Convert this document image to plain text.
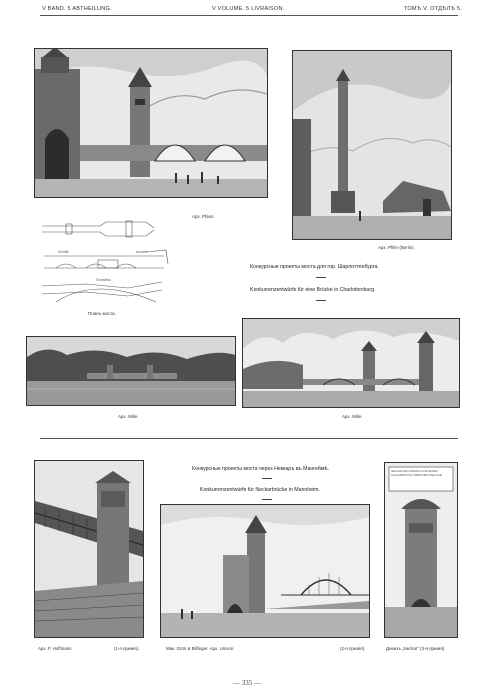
V BAND. 5 ABTHEILUNG.	V VOLUME. 5 LIVRAISON.	ТОМЪ V. ОТДЪЛЪ 5.
Арх. Pfann.
Арх. Pfifer (Berlin).
Schnitt	Ansicht
Grundriss
Планъ моста.
Конкурсные проекты моста для гор. Шарлоттенбурга.
Konkurrenzentwürfe für eine Brücke in Charlottenburg.
Арх. Wille.	Арх. Wille.
Конкурсные проекты моста через Неккаръ въ Мангеймѣ.
Konkurrenzentwürfe für Neckarbrücke in Mannheim.
Арх. F. Hoffmann	(1-я премія).	Мак. Grün & Bilfinger. Арх. Unison.	(2-я премія).
NEUHAUSE ANFANG FÜR EINER HOCHBRÜCKE ÜBER DEN NECKAR
Девизъ „Neckar“ (3-я премія).
— 335 —
